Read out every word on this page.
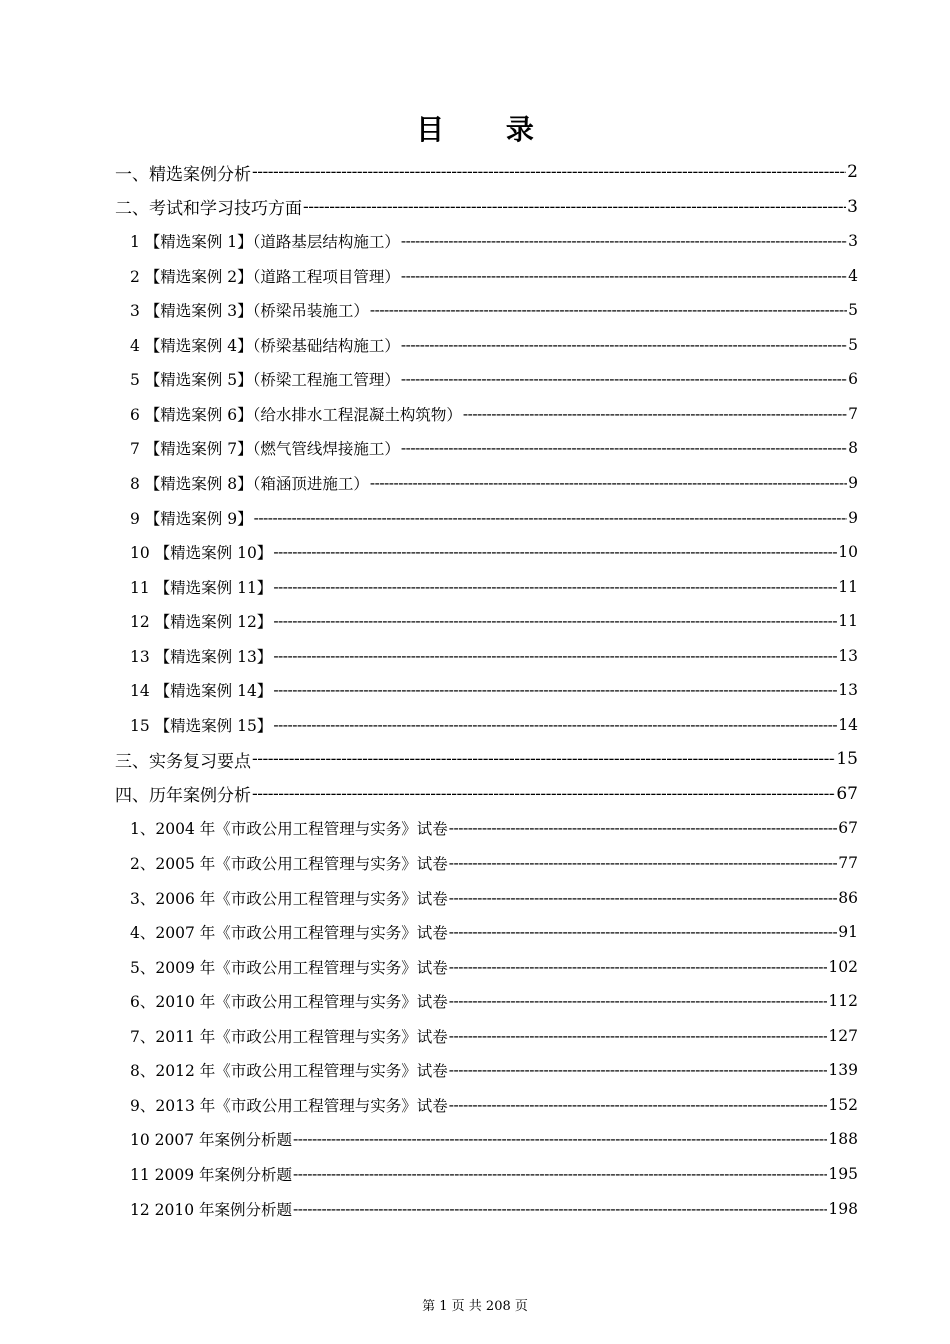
目 录
一、精选案例分析 -----	2
二、考试和学习技巧方面 -----	3
1 【精选案例 1】（道路基层结构施工） -----	3
2 【精选案例 2】（道路工程项目管理） -----	4
3 【精选案例 3】（桥梁吊装施工） -----	5
4 【精选案例 4】（桥梁基础结构施工） -----	5
5 【精选案例 5】（桥梁工程施工管理） -----	6
6 【精选案例 6】（给水排水工程混凝土构筑物） -----	7
7 【精选案例 7】（燃气管线焊接施工） -----	8
8 【精选案例 8】（箱涵顶进施工） -----	9
9 【精选案例 9】 -----	9
10 【精选案例 10】 -----	10
11 【精选案例 11】 -----	11
12 【精选案例 12】 -----	11
13 【精选案例 13】 -----	13
14 【精选案例 14】 -----	13
15 【精选案例 15】 -----	14
三、实务复习要点 -----	15
四、历年案例分析 -----	67
1、2004 年《市政公用工程管理与实务》试卷 -----	67
2、2005 年《市政公用工程管理与实务》试卷 -----	77
3、2006 年《市政公用工程管理与实务》试卷 -----	86
4、2007 年《市政公用工程管理与实务》试卷 -----	91
5、2009 年《市政公用工程管理与实务》试卷 -----	102
6、2010 年《市政公用工程管理与实务》试卷 -----	112
7、2011 年《市政公用工程管理与实务》试卷 -----	127
8、2012 年《市政公用工程管理与实务》试卷 -----	139
9、2013 年《市政公用工程管理与实务》试卷 -----	152
10 2007 年案例分析题 -----	188
11 2009 年案例分析题 -----	195
12 2010 年案例分析题 -----	198
第 1 页 共 208 页
